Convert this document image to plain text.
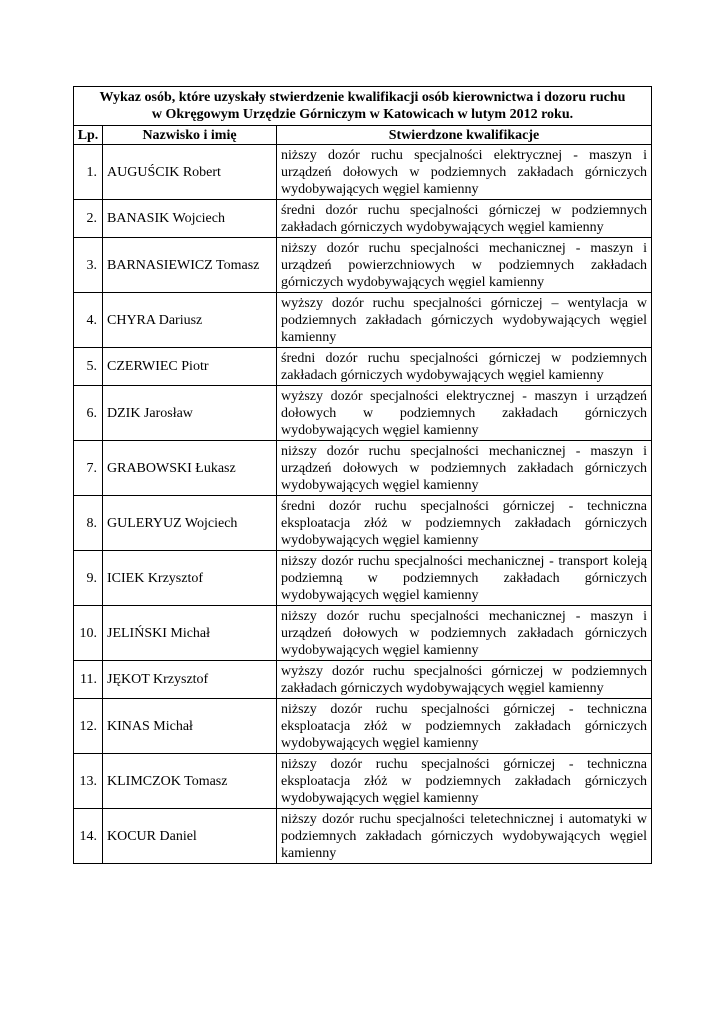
Wykaz osób, które uzyskały stwierdzenie kwalifikacji osób kierownictwa i dozoru ruchu
w Okręgowym Urzędzie Górniczym w Katowicach w lutym 2012 roku.		

Lp.	Nazwisko i imię	Stwierdzone kwalifikacje
1.	AUGUŚCIK Robert	niższy dozór ruchu specjalności elektrycznej - maszyn i urządzeń dołowych w podziemnych zakładach górniczych wydobywających węgiel kamienny
2.	BANASIK Wojciech	średni dozór ruchu specjalności górniczej w podziemnych zakładach górniczych wydobywających węgiel kamienny
3.	BARNASIEWICZ Tomasz	niższy dozór ruchu specjalności mechanicznej - maszyn i urządzeń powierzchniowych w podziemnych zakładach górniczych wydobywających węgiel kamienny
4.	CHYRA Dariusz	wyższy dozór ruchu specjalności górniczej – wentylacja w podziemnych zakładach górniczych wydobywających węgiel kamienny
5.	CZERWIEC Piotr	średni dozór ruchu specjalności górniczej w podziemnych zakładach górniczych wydobywających węgiel kamienny
6.	DZIK Jarosław	wyższy dozór specjalności elektrycznej - maszyn i urządzeń dołowych w podziemnych zakładach górniczych wydobywających węgiel kamienny
7.	GRABOWSKI Łukasz	niższy dozór ruchu specjalności mechanicznej - maszyn i urządzeń dołowych w podziemnych zakładach górniczych wydobywających węgiel kamienny
8.	GULERYUZ Wojciech	średni dozór ruchu specjalności górniczej - techniczna eksploatacja złóż w podziemnych zakładach górniczych wydobywających węgiel kamienny
9.	ICIEK Krzysztof	niższy dozór ruchu specjalności mechanicznej - transport koleją podziemną w podziemnych zakładach górniczych wydobywających węgiel kamienny
10.	JELIŃSKI Michał	niższy dozór ruchu specjalności mechanicznej - maszyn i urządzeń dołowych w podziemnych zakładach górniczych wydobywających węgiel kamienny
11.	JĘKOT Krzysztof	wyższy dozór ruchu specjalności górniczej w podziemnych zakładach górniczych wydobywających węgiel kamienny
12.	KINAS Michał	niższy dozór ruchu specjalności górniczej - techniczna eksploatacja złóż w podziemnych zakładach górniczych wydobywających węgiel kamienny
13.	KLIMCZOK Tomasz	niższy dozór ruchu specjalności górniczej - techniczna eksploatacja złóż w podziemnych zakładach górniczych wydobywających węgiel kamienny
14.	KOCUR Daniel	niższy dozór ruchu specjalności teletechnicznej i automatyki w podziemnych zakładach górniczych wydobywających węgiel kamienny
